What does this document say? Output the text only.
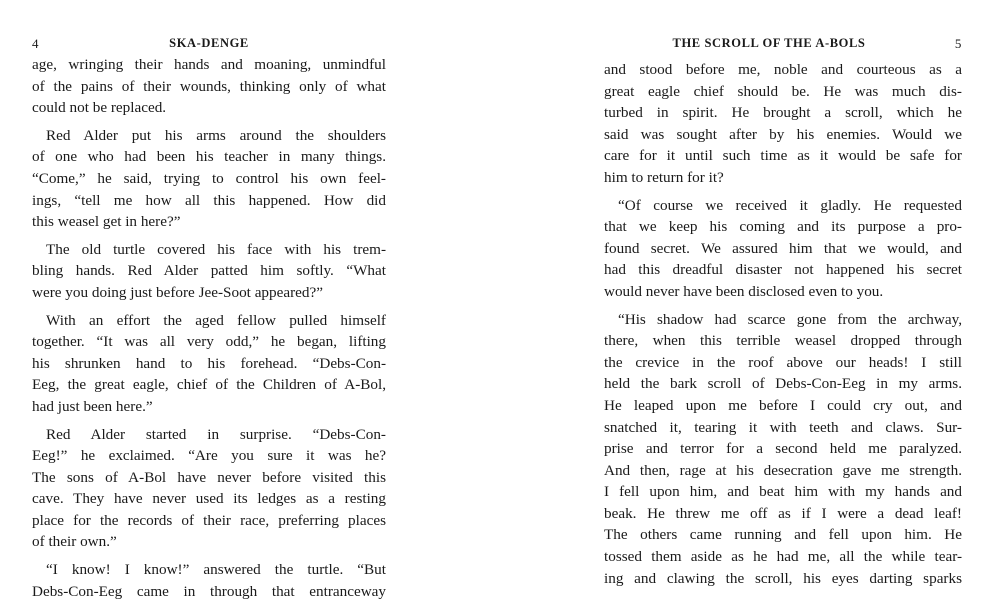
4	SKA-DENGE
age, wringing their hands and moaning, unmindful
of the pains of their wounds, thinking only of what
could not be replaced.
Red Alder put his arms around the shoulders
of one who had been his teacher in many things.
“Come,” he said, trying to control his own feel-
ings, “tell me how all this happened. How did
this weasel get in here?”
The old turtle covered his face with his trem-
bling hands. Red Alder patted him softly. “What
were you doing just before Jee-Soot appeared?”
With an effort the aged fellow pulled himself
together. “It was all very odd,” he began, lifting
his shrunken hand to his forehead. “Debs-Con-
Eeg, the great eagle, chief of the Children of A-Bol,
had just been here.”
Red Alder started in surprise. “Debs-Con-
Eeg!” he exclaimed. “Are you sure it was he?
The sons of A-Bol have never before visited this
cave. They have never used its ledges as a resting
place for the records of their race, preferring places
of their own.”
“I know! I know!” answered the turtle. “But
Debs-Con-Eeg came in through that entranceway
THE SCROLL OF THE A-BOLS	5
and stood before me, noble and courteous as a
great eagle chief should be. He was much dis-
turbed in spirit. He brought a scroll, which he
said was sought after by his enemies. Would we
care for it until such time as it would be safe for
him to return for it?
“Of course we received it gladly. He requested
that we keep his coming and its purpose a pro-
found secret. We assured him that we would, and
had this dreadful disaster not happened his secret
would never have been disclosed even to you.
“His shadow had scarce gone from the archway,
there, when this terrible weasel dropped through
the crevice in the roof above our heads! I still
held the bark scroll of Debs-Con-Eeg in my arms.
He leaped upon me before I could cry out, and
snatched it, tearing it with teeth and claws. Sur-
prise and terror for a second held me paralyzed.
And then, rage at his desecration gave me strength.
I fell upon him, and beat him with my hands and
beak. He threw me off as if I were a dead leaf!
The others came running and fell upon him. He
tossed them aside as he had me, all the while tear-
ing and clawing the scroll, his eyes darting sparks
